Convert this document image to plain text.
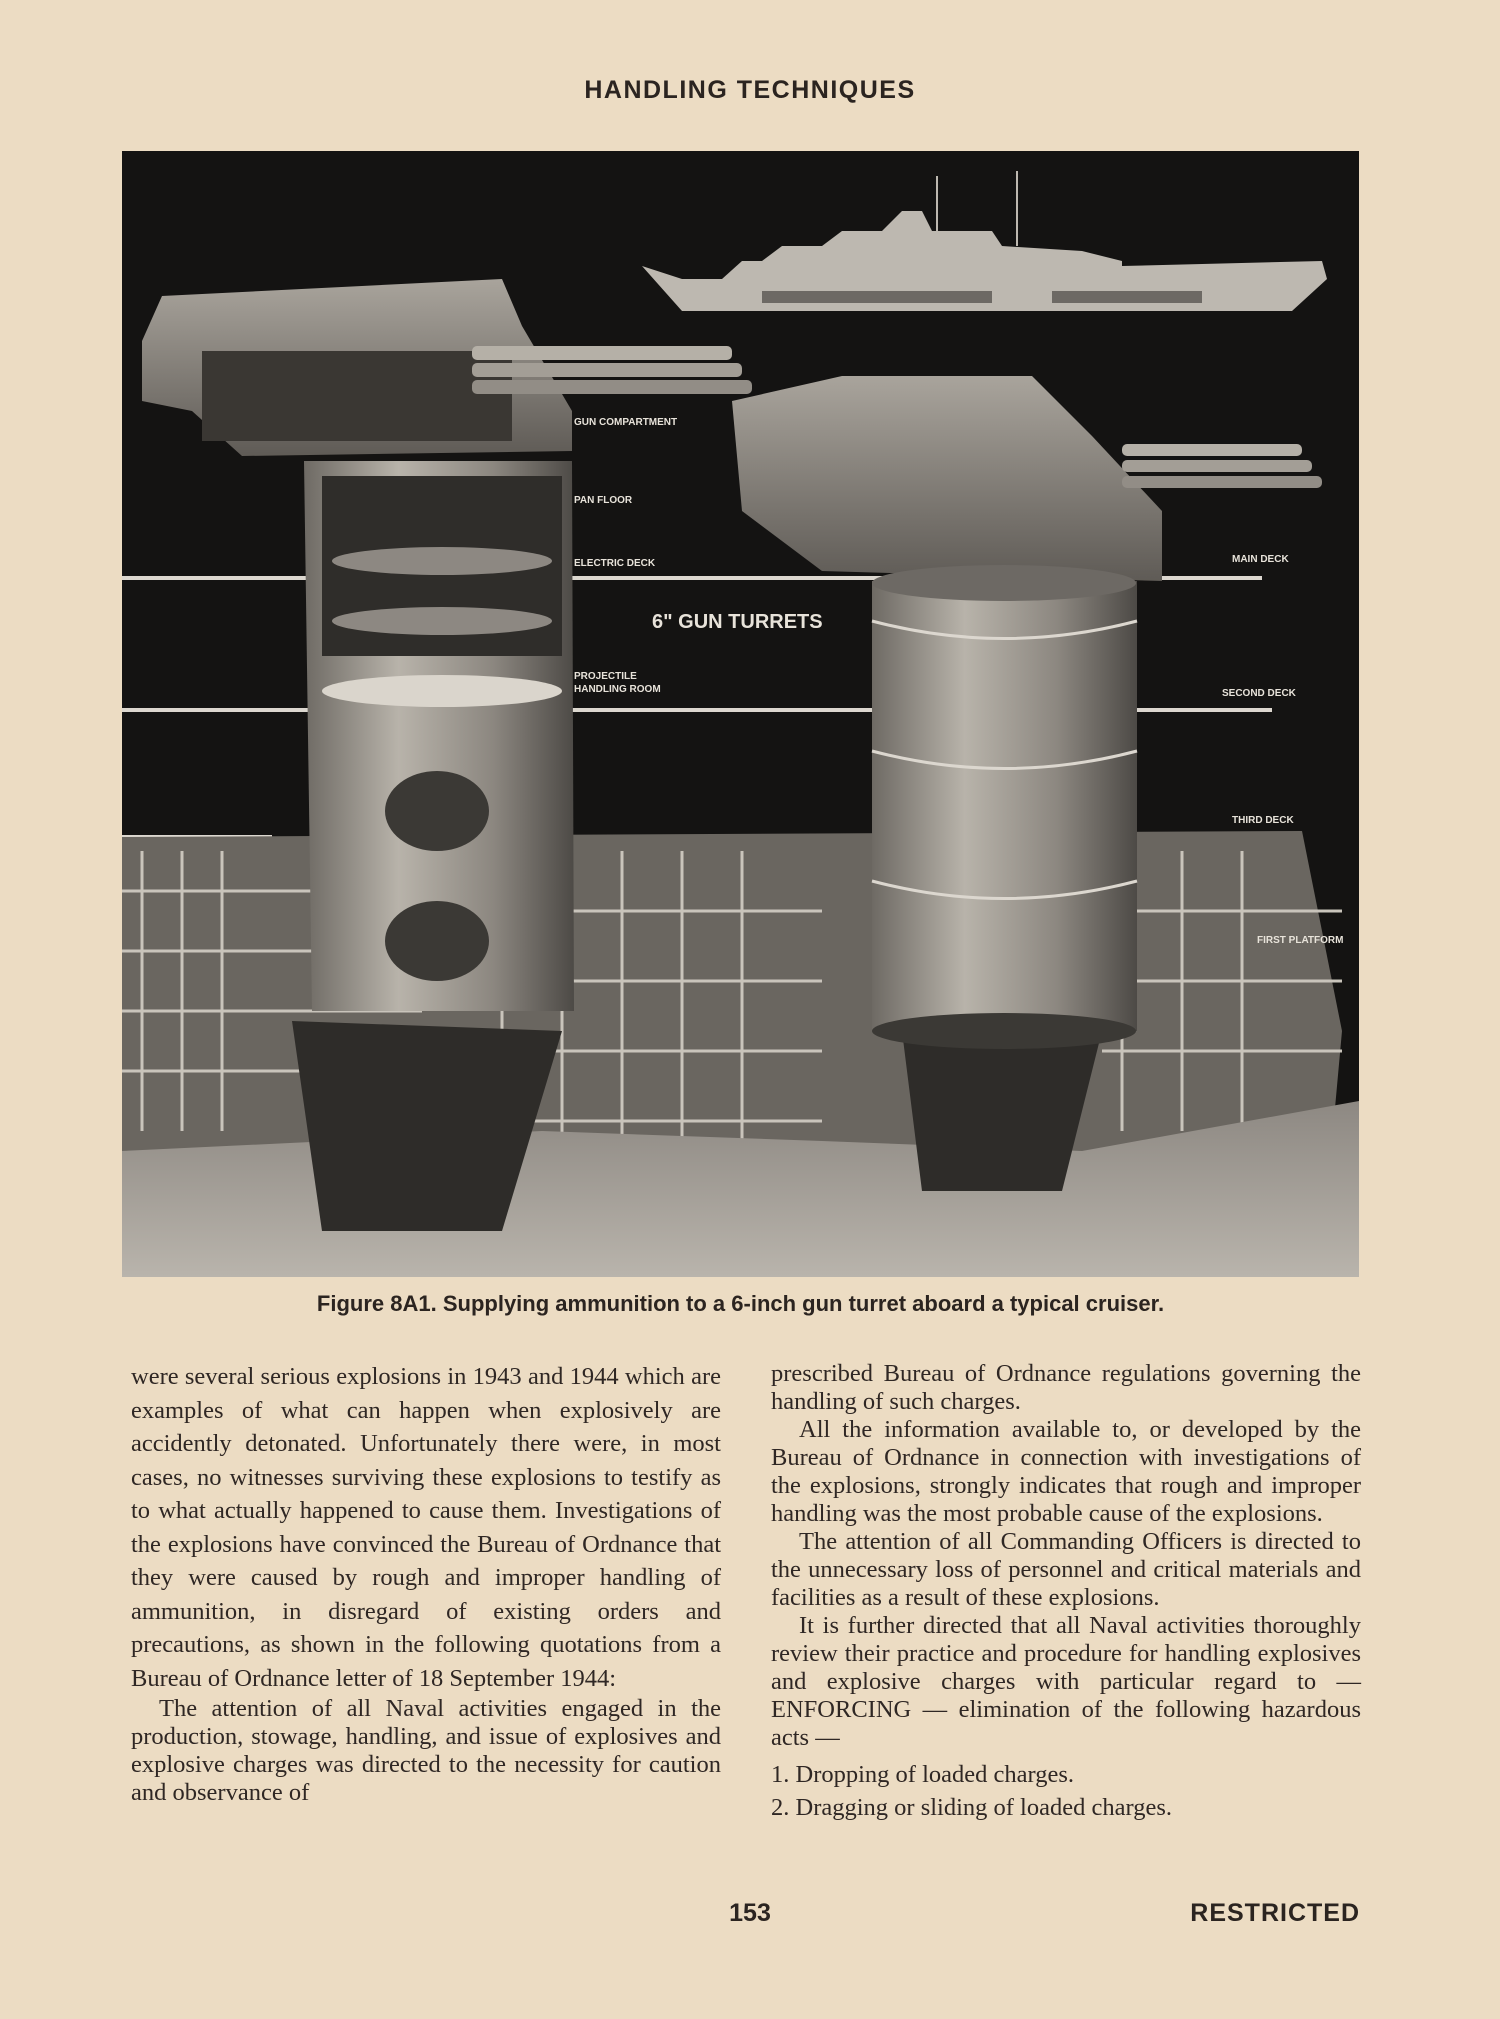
HANDLING TECHNIQUES
GUN COMPARTMENT
PAN FLOOR
ELECTRIC DECK
PROJECTILE
HANDLING ROOM
6" GUN TURRETS
MAIN DECK
SECOND DECK
THIRD DECK
FIRST PLATFORM
Figure 8A1. Supplying ammunition to a 6-inch gun turret aboard a typical cruiser.

were several serious explosions in 1943 and 1944 which are examples of what can happen when explosively are accidently detonated. Unfortunately there were, in most cases, no witnesses surviving these explosions to testify as to what actually happened to cause them. Investigations of the explosions have convinced the Bureau of Ordnance that they were caused by rough and improper handling of ammunition, in disregard of existing orders and precautions, as shown in the following quotations from a Bureau of Ordnance letter of 18 September 1944:

The attention of all Naval activities engaged in the production, stowage, handling, and issue of explosives and explosive charges was directed to the necessity for caution and observance of

prescribed Bureau of Ordnance regulations governing the handling of such charges.

All the information available to, or developed by the Bureau of Ordnance in connection with investigations of the explosions, strongly indicates that rough and improper handling was the most probable cause of the explosions.

The attention of all Commanding Officers is directed to the unnecessary loss of personnel and critical materials and facilities as a result of these explosions.

It is further directed that all Naval activities thoroughly review their practice and procedure for handling explosives and explosive charges with particular regard to — ENFORCING — elimination of the following hazardous acts —

1. Dropping of loaded charges.

2. Dragging or sliding of loaded charges.

153	RESTRICTED
